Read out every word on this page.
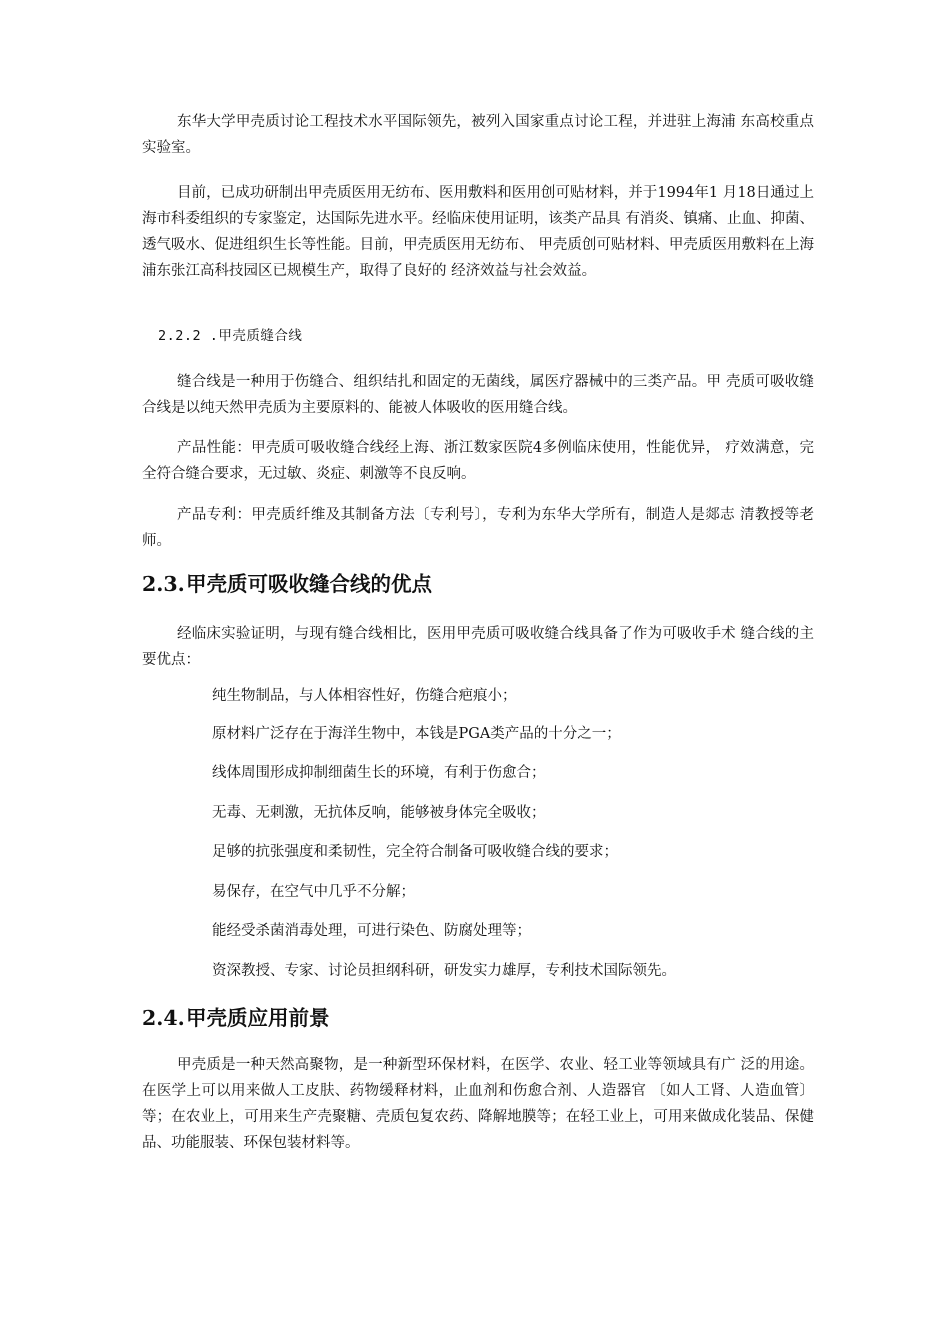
东华大学甲壳质讨论工程技术水平国际领先，被列入国家重点讨论工程，并进驻上海浦 东高校重点实验室。

目前，已成功研制出甲壳质医用无纺布、医用敷料和医用创可贴材料，并于1994年1 月18日通过上海市科委组织的专家鉴定，达国际先进水平。经临床使用证明，该类产品具 有消炎、镇痛、止血、抑菌、透气吸水、促进组织生长等性能。目前，甲壳质医用无纺布、 甲壳质创可贴材料、甲壳质医用敷料在上海浦东张江高科技园区已规模生产，取得了良好的 经济效益与社会效益。

2.2.2 .甲壳质缝合线

缝合线是一种用于伤缝合、组织结扎和固定的无菌线，属医疗器械中的三类产品。甲 壳质可吸收缝合线是以纯天然甲壳质为主要原料的、能被人体吸收的医用缝合线。

产品性能：甲壳质可吸收缝合线经上海、浙江数家医院4多例临床使用，性能优异， 疗效满意，完全符合缝合要求，无过敏、炎症、刺激等不良反响。

产品专利：甲壳质纤维及其制备方法〔专利号〕，专利为东华大学所有，制造人是郯志 清教授等老师。

2.3.甲壳质可吸收缝合线的优点

经临床实验证明，与现有缝合线相比，医用甲壳质可吸收缝合线具备了作为可吸收手术 缝合线的主要优点：

纯生物制品，与人体相容性好，伤缝合疤痕小；

原材料广泛存在于海洋生物中，本钱是PGA类产品的十分之一；

线体周围形成抑制细菌生长的环境，有利于伤愈合；

无毒、无刺激，无抗体反响，能够被身体完全吸收；

足够的抗张强度和柔韧性，完全符合制备可吸收缝合线的要求；

易保存，在空气中几乎不分解；

能经受杀菌消毒处理，可进行染色、防腐处理等；

资深教授、专家、讨论员担纲科研，研发实力雄厚，专利技术国际领先。

2.4.甲壳质应用前景

甲壳质是一种天然高聚物，是一种新型环保材料，在医学、农业、轻工业等领域具有广 泛的用途。在医学上可以用来做人工皮肤、药物缓释材料，止血剂和伤愈合剂、人造器官 〔如人工肾、人造血管〕等；在农业上，可用来生产壳聚糖、壳质包复农药、降解地膜等；在轻工业上，可用来做成化装品、保健品、功能服装、环保包装材料等。
